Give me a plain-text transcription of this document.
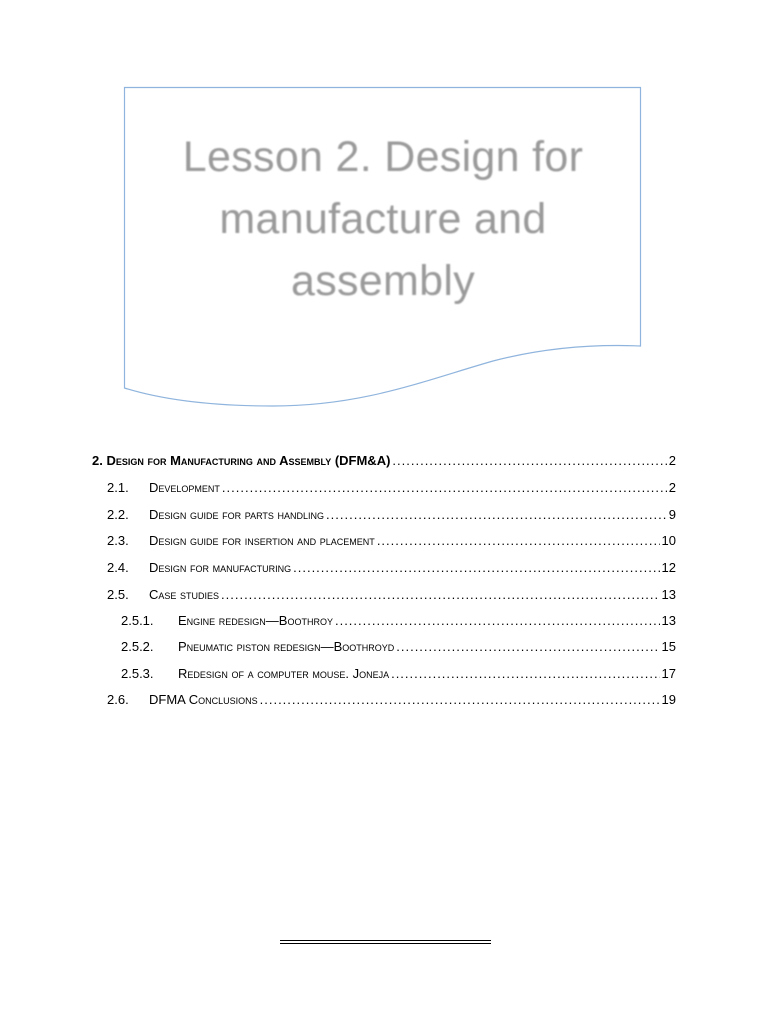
Lesson 2. Design for
manufacture and
assembly
2. Design for Manufacturing and Assembly (DFM&A) .....	2
2.1.	Development .....	2
2.2.	Design guide for parts handling .....	9
2.3.	Design guide for insertion and placement .....	10
2.4.	Design for manufacturing .....	12
2.5.	Case studies .....	13
2.5.1.	Engine redesign—Boothroy .....	13
2.5.2.	Pneumatic piston redesign—Boothroyd .....	15
2.5.3.	Redesign of a computer mouse. Joneja .....	17
2.6.	DFMA Conclusions .....	19
